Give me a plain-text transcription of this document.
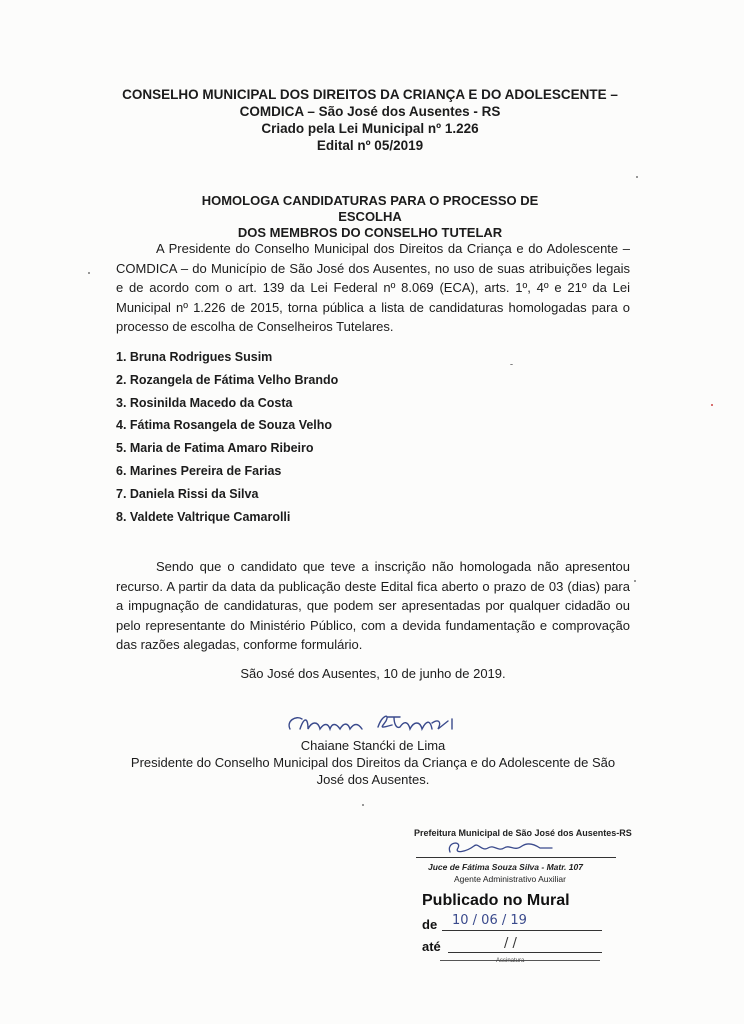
CONSELHO MUNICIPAL DOS DIREITOS DA CRIANÇA E DO ADOLESCENTE –
COMDICA – São José dos Ausentes - RS
Criado pela Lei Municipal nº 1.226
Edital nº 05/2019
HOMOLOGA CANDIDATURAS PARA O PROCESSO DE
ESCOLHA
DOS MEMBROS DO CONSELHO TUTELAR

A Presidente do Conselho Municipal dos Direitos da Criança e do Adolescente – COMDICA – do Município de São José dos Ausentes, no uso de suas atribuições legais e de acordo com o art. 139 da Lei Federal nº 8.069 (ECA), arts. 1º, 4º e 21º da Lei Municipal nº 1.226 de 2015, torna pública a lista de candidaturas homologadas para o processo de escolha de Conselheiros Tutelares.

1. Bruna Rodrigues Susim
2. Rozangela de Fátima Velho Brando
3. Rosinilda Macedo da Costa
4. Fátima Rosangela de Souza Velho
5. Maria de Fatima Amaro Ribeiro
6. Marines Pereira de Farias
7. Daniela Rissi da Silva
8. Valdete Valtrique Camarolli

Sendo que o candidato que teve a inscrição não homologada não apresentou recurso. A partir da data da publicação deste Edital fica aberto o prazo de 03 (dias) para a impugnação de candidaturas, que podem ser apresentadas por qualquer cidadão ou pelo representante do Ministério Público, com a devida fundamentação e comprovação das razões alegadas, conforme formulário.

São José dos Ausentes, 10 de junho de 2019.
Chaiane Stanćki de Lima
Presidente do Conselho Municipal dos Direitos da Criança e do Adolescente de São
José dos Ausentes.
Prefeitura Municipal de São José dos Ausentes-RS
Juce de Fátima Souza Silva - Matr. 107
Agente Administrativo Auxiliar
Publicado no Mural
de 10 / 06 / 19
até	/ /
Assinatura
